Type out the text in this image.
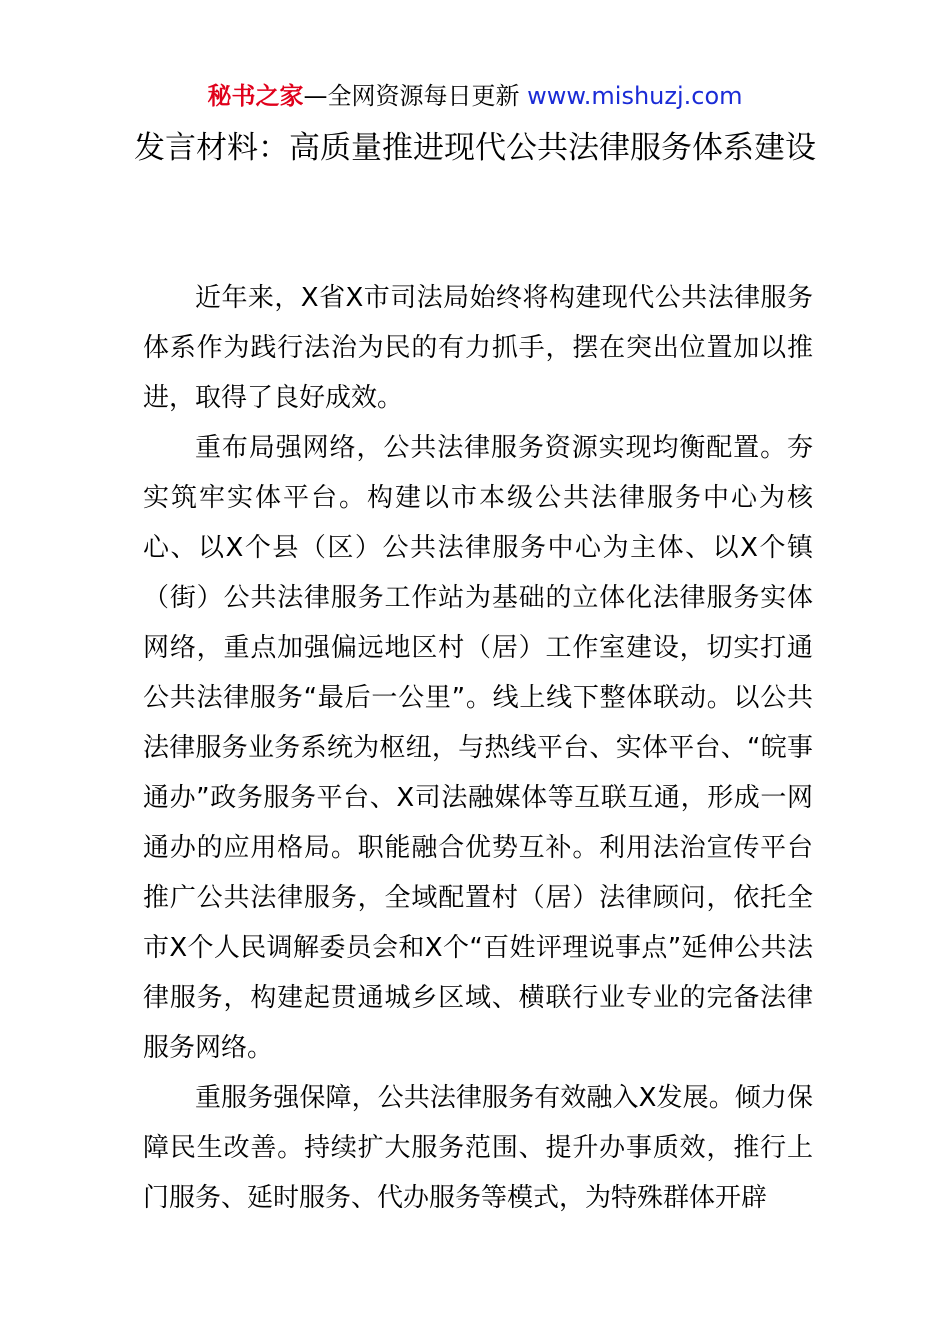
秘书之家—全网资源每日更新 www.mishuzj.com
发言材料：高质量推进现代公共法律服务体系建设

近年来，X省X市司法局始终将构建现代公共法律服务体系作为践行法治为民的有力抓手，摆在突出位置加以推进，取得了良好成效。

重布局强网络，公共法律服务资源实现均衡配置。夯实筑牢实体平台。构建以市本级公共法律服务中心为核心、以X个县（区）公共法律服务中心为主体、以X个镇（街）公共法律服务工作站为基础的立体化法律服务实体网络，重点加强偏远地区村（居）工作室建设，切实打通公共法律服务“最后一公里”。线上线下整体联动。以公共法律服务业务系统为枢纽，与热线平台、实体平台、“皖事通办”政务服务平台、X司法融媒体等互联互通，形成一网通办的应用格局。职能融合优势互补。利用法治宣传平台推广公共法律服务，全域配置村（居）法律顾问，依托全市X个人民调解委员会和X个“百姓评理说事点”延伸公共法律服务，构建起贯通城乡区域、横联行业专业的完备法律服务网络。

重服务强保障，公共法律服务有效融入X发展。倾力保障民生改善。持续扩大服务范围、提升办事质效，推行上门服务、延时服务、代办服务等模式，为特殊群体开辟
